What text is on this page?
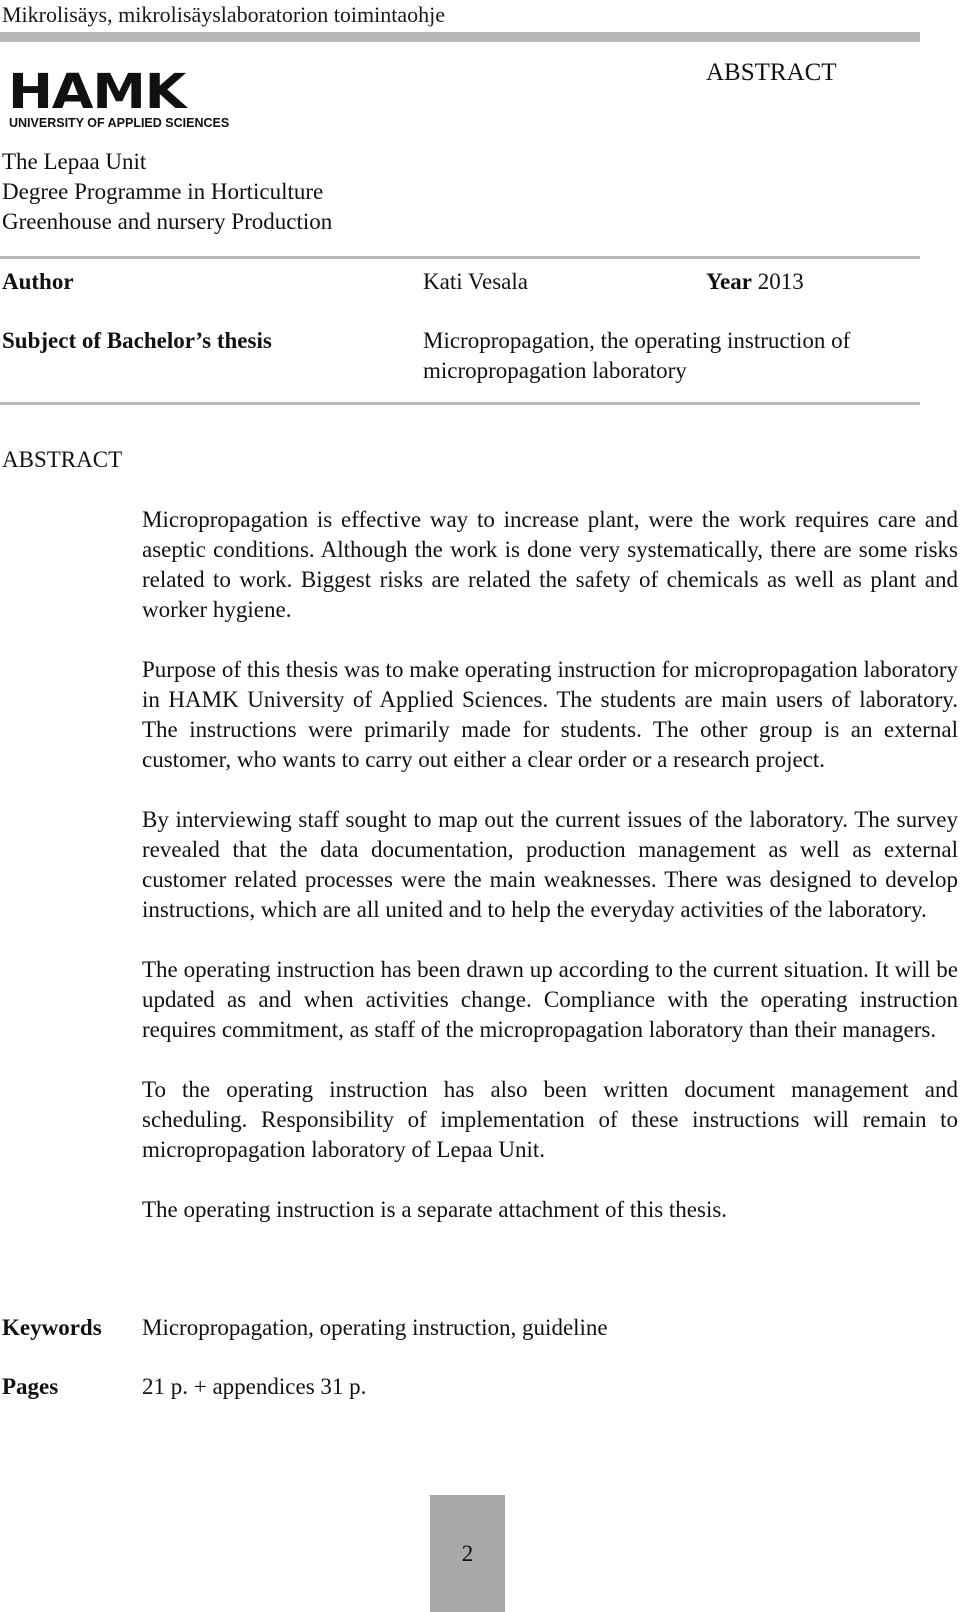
Mikrolisäys, mikrolisäyslaboratorion toimintaohje
HAMK
UNIVERSITY OF APPLIED SCIENCES
ABSTRACT
The Lepaa Unit
Degree Programme in Horticulture
Greenhouse and nursery Production
Author	Kati Vesala	Year 2013
Subject of Bachelor’s thesis	Micropropagation, the operating instruction of micropropagation laboratory
ABSTRACT

Micropropagation is effective way to increase plant, were the work requires care and aseptic conditions. Although the work is done very systematically, there are some risks related to work. Biggest risks are related the safety of chemicals as well as plant and worker hygiene.

Purpose of this thesis was to make operating instruction for micropropagation laboratory in HAMK University of Applied Sciences. The students are main users of laboratory. The instructions were primarily made for students. The other group is an external customer, who wants to carry out either a clear order or a research project.

By interviewing staff sought to map out the current issues of the laboratory. The survey revealed that the data documentation, production management as well as external customer related processes were the main weaknesses. There was designed to develop instructions, which are all united and to help the everyday activities of the laboratory.

The operating instruction has been drawn up according to the current situation. It will be updated as and when activities change. Compliance with the operating instruction requires commitment, as staff of the micropropagation laboratory than their managers.

To the operating instruction has also been written document management and scheduling. Responsibility of implementation of these instructions will remain to micropropagation laboratory of Lepaa Unit.

The operating instruction is a separate attachment of this thesis.

Keywords Micropropagation, operating instruction, guideline
Pages	21 p. + appendices 31 p.
2
